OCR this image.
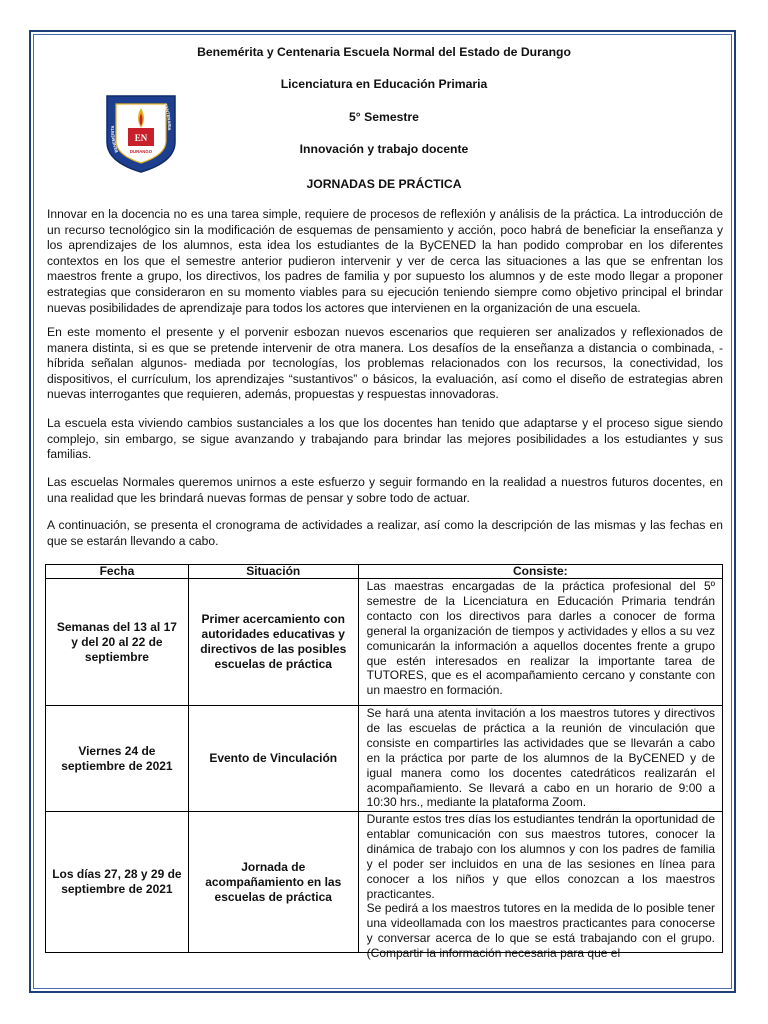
Benemérita y Centenaria Escuela Normal del Estado de Durango
Licenciatura en Educación Primaria
5° Semestre
Innovación y trabajo docente
JORNADAS DE PRÁCTICA
EN
DURANGO
BENEMÉRITA
CENTENARIA

Innovar en la docencia no es una tarea simple, requiere de procesos de reflexión y análisis de la práctica. La introducción de un recurso tecnológico sin la modificación de esquemas de pensamiento y acción, poco habrá de beneficiar la enseñanza y los aprendizajes de los alumnos, esta idea los estudiantes de la ByCENED la han podido comprobar en los diferentes contextos en los que el semestre anterior pudieron intervenir y ver de cerca las situaciones a las que se enfrentan los maestros frente a grupo, los directivos, los padres de familia y por supuesto los alumnos y de este modo llegar a proponer estrategias que consideraron en su momento viables para su ejecución teniendo siempre como objetivo principal el brindar nuevas posibilidades de aprendizaje para todos los actores que intervienen en la organización de una escuela.

En este momento el presente y el porvenir esbozan nuevos escenarios que requieren ser analizados y reflexionados de manera distinta, si es que se pretende intervenir de otra manera. Los desafíos de la enseñanza a distancia o combinada, -híbrida señalan algunos- mediada por tecnologías, los problemas relacionados con los recursos, la conectividad, los dispositivos, el currículum, los aprendizajes “sustantivos” o básicos, la evaluación, así como el diseño de estrategias abren nuevas interrogantes que requieren, además, propuestas y respuestas innovadoras.

La escuela esta viviendo cambios sustanciales a los que los docentes han tenido que adaptarse y el proceso sigue siendo complejo, sin embargo, se sigue avanzando y trabajando para brindar las mejores posibilidades a los estudiantes y sus familias.

Las escuelas Normales queremos unirnos a este esfuerzo y seguir formando en la realidad a nuestros futuros docentes, en una realidad que les brindará nuevas formas de pensar y sobre todo de actuar.

A continuación, se presenta el cronograma de actividades a realizar, así como la descripción de las mismas y las fechas en que se estarán llevando a cabo.

Fecha	Situación	Consiste:
Semanas del 13 al 17 y del 20 al 22 de septiembre	Primer acercamiento con autoridades educativas y directivos de las posibles escuelas de práctica	Las maestras encargadas de la práctica profesional del 5º semestre de la Licenciatura en Educación Primaria tendrán contacto con los directivos para darles a conocer de forma general la organización de tiempos y actividades y ellos a su vez comunicarán la información a aquellos docentes frente a grupo que estén interesados en realizar la importante tarea de TUTORES, que es el acompañamiento cercano y constante con un maestro en formación.
Viernes 24 de septiembre de 2021	Evento de Vinculación	Se hará una atenta invitación a los maestros tutores y directivos de las escuelas de práctica a la reunión de vinculación que consiste en compartirles las actividades que se llevarán a cabo en la práctica por parte de los alumnos de la ByCENED y de igual manera como los docentes catedráticos realizarán el acompañamiento. Se llevará a cabo en un horario de 9:00 a 10:30 hrs., mediante la plataforma Zoom.
Los días 27, 28 y 29 de septiembre de 2021	Jornada de acompañamiento en las escuelas de práctica	Durante estos tres días los estudiantes tendrán la oportunidad de entablar comunicación con sus maestros tutores, conocer la dinámica de trabajo con los alumnos y con los padres de familia y el poder ser incluidos en una de las sesiones en línea para conocer a los niños y que ellos conozcan a los maestros practicantes.
Se pedirá a los maestros tutores en la medida de lo posible tener una videollamada con los maestros practicantes para conocerse y conversar acerca de lo que se está trabajando con el grupo. (Compartir la información necesaria para que el
